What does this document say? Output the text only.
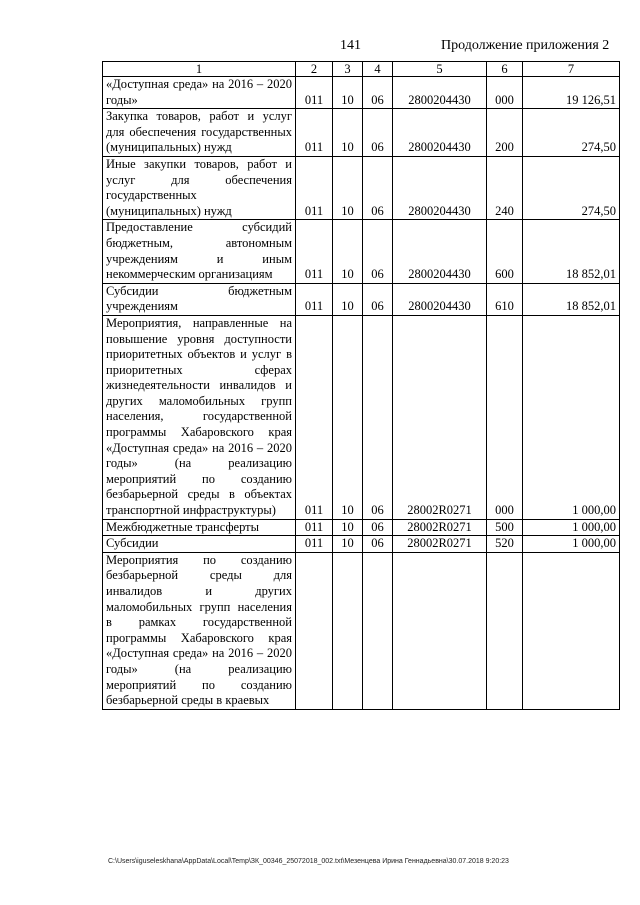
141	Продолжение приложения 2
1	2	3	4	5	6	7
«Доступная среда» на 2016 – 2020 годы»	011	10	06	2800204430	000	19 126,51
Закупка товаров, работ и услуг для обеспечения государственных (муниципальных) нужд	011	10	06	2800204430	200	274,50
Иные закупки товаров, работ и услуг для обеспечения государственных (муниципальных) нужд	011	10	06	2800204430	240	274,50
Предоставление субсидий бюджетным, автономным учреждениям и иным некоммерческим организациям	011	10	06	2800204430	600	18 852,01
Субсидии бюджетным учреждениям	011	10	06	2800204430	610	18 852,01
Мероприятия, направленные на повышение уровня доступности приоритетных объектов и услуг в приоритетных сферах жизнедеятельности инвалидов и других маломобильных групп населения, государственной программы Хабаровского края «Доступная среда» на 2016 – 2020 годы» (на реализацию мероприятий по созданию безбарьерной среды в объектах транспортной инфраструктуры)	011	10	06	28002R0271	000	1 000,00
Межбюджетные трансферты	011	10	06	28002R0271	500	1 000,00
Субсидии	011	10	06	28002R0271	520	1 000,00
Мероприятия по созданию безбарьерной среды для инвалидов и других маломобильных групп населения в рамках государственной программы Хабаровского края «Доступная среда» на 2016 – 2020 годы» (на реализацию мероприятий по созданию безбарьерной среды в краевых						
C:\Users\iguseleskhana\AppData\Local\Temp\ЗК_00346_25072018_002.txt\Мезенцева Ирина Геннадьевна\30.07.2018 9:20:23
